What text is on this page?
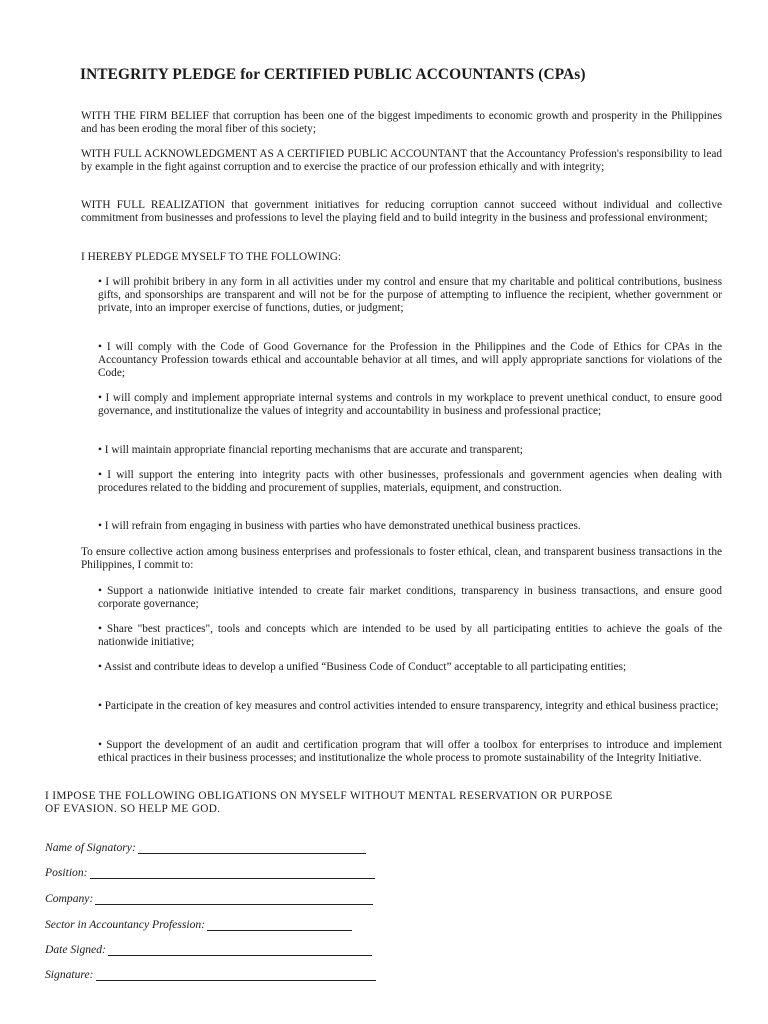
INTEGRITY PLEDGE for CERTIFIED PUBLIC ACCOUNTANTS (CPAs)
WITH THE FIRM BELIEF that corruption has been one of the biggest impediments to economic growth and prosperity in the Philippines and has been eroding the moral fiber of this society;
WITH FULL ACKNOWLEDGMENT AS A CERTIFIED PUBLIC ACCOUNTANT that the Accountancy Profession's responsibility to lead by example in the fight against corruption and to exercise the practice of our profession ethically and with integrity;
WITH FULL REALIZATION that government initiatives for reducing corruption cannot succeed without individual and collective commitment from businesses and professions to level the playing field and to build integrity in the business and professional environment;
I HEREBY PLEDGE MYSELF TO THE FOLLOWING:
• I will prohibit bribery in any form in all activities under my control and ensure that my charitable and political contributions, business gifts, and sponsorships are transparent and will not be for the purpose of attempting to influence the recipient, whether government or private, into an improper exercise of functions, duties, or judgment;
• I will comply with the Code of Good Governance for the Profession in the Philippines and the Code of Ethics for CPAs in the Accountancy Profession towards ethical and accountable behavior at all times, and will apply appropriate sanctions for violations of the Code;
• I will comply and implement appropriate internal systems and controls in my workplace to prevent unethical conduct, to ensure good governance, and institutionalize the values of integrity and accountability in business and professional practice;
• I will maintain appropriate financial reporting mechanisms that are accurate and transparent;
• I will support the entering into integrity pacts with other businesses, professionals and government agencies when dealing with procedures related to the bidding and procurement of supplies, materials, equipment, and construction.
• I will refrain from engaging in business with parties who have demonstrated unethical business practices.
To ensure collective action among business enterprises and professionals to foster ethical, clean, and transparent business transactions in the Philippines, I commit to:
• Support a nationwide initiative intended to create fair market conditions, transparency in business transactions, and ensure good corporate governance;
• Share "best practices", tools and concepts which are intended to be used by all participating entities to achieve the goals of the nationwide initiative;
• Assist and contribute ideas to develop a unified “Business Code of Conduct” acceptable to all participating entities;
• Participate in the creation of key measures and control activities intended to ensure transparency, integrity and ethical business practice;
• Support the development of an audit and certification program that will offer a toolbox for enterprises to introduce and implement ethical practices in their business processes; and institutionalize the whole process to promote sustainability of the Integrity Initiative.
I IMPOSE THE FOLLOWING OBLIGATIONS ON MYSELF WITHOUT MENTAL RESERVATION OR PURPOSE
OF EVASION. SO HELP ME GOD.
Name of Signatory:
Position:
Company:
Sector in Accountancy Profession:
Date Signed:
Signature:
